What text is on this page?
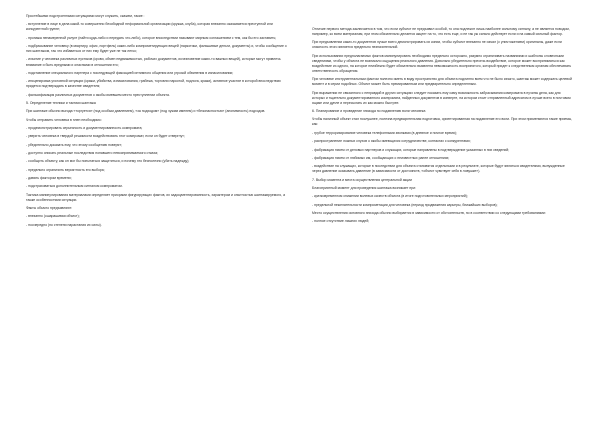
Простейшими подстроенными ситуациями могут служить, скажем, такие :

- вступление в лице в дела какой-то совершенно безобидной неформальной организации (кружка, клуба), которая внезапно оказывается преступной или конкурентной группе;

- пропажа ненамеренной услуге (найти куда-либо и передать что-либо), которое впоследствии называют мирным соглашением с тем, как бы его заставить;

- подбрасывание человеку (в квартиру, офис, портфель) каких-либо компрометирующих вещей (наркотики, фальшивые деньги, документы) и, чтобы сообщение о них шантажом, так что избавиться от них ему будет уже не так легко;

- изъятие у человека различных пустяков (крови, обмен недвижимостью, рабочих документов, исчезновение каких-то важных вещей), которые могут привлечь внимание и быть вредными и опасными в отношении его;

- подставление специального партнера с последующей фиксацией интимного общения или угрозой обвинения в изнасиловании;

- инсценировка уголовной ситуации (кражи, убийства, изнасилования, грабежа, торговли наркотой, подлога, кражи), активное участие в которой впоследствии придется подтверждать в качестве свидетеля;

- фальсификация различных документов о якобы имевшем место преступлении объекта.

5. Определение техники и тактики шантажа

При шантаже обычно выгода «торгуется» (под особым давлением), «за подходом» (под чужим именем) и «безопасностью» (анонимность) подходов.

Чтобы отправить человека в плен необходимо:

- продемонстрировать серьезность и документированность компромата;

- уверить человека в твердой решимости воздействовать этот компромат, если он будет отвергнут;

- убедительно доказать ему, что этому сообщению поверят;

- доступно описать реальные последствия попавшего невоспринимаемого откаха;

- сообщить объекту, как он мог бы попытаться защититься, и почему это бесполезно (убить надежду);

- предельно ограничить вероятность его выбора;

- давать фактором времени;

- подстраховаться дополнительным сигналом компроматом.

Тактика манипулирования материалами определяет приорами фигурирующих фактов, их задокументированность, характером и опытностью шантажируемого, а также особенностями ситуации.

Факты обычно предъявляют:

- внезапно (ошарашивая объект);

- поочередно (по степени нарастания их силы).

Отличие первого метода заключается в том, что если субъект не предъявил особой, то она подлежит лишь наиболее сильному сигналу, а не является поводом, например, ко всем материалам, при этом обязательно делается акцент на то, что есть еще, и не так уж сильно действует если и на самый сильный фактор.

При предъявлении каких-то документов лучше всего демонстрировать их копии, чтобы субъект внезапно не изъял (с уничтожением) оригиналы, даже если опасность этого является предельно незначительной.

При использовании предполагаемых фактов манипулировать необходимо предельно осторожно, разумно ограничивать названиями и шаблоны словесными сведениями, чтобы у объекта не возникало ощущения реального давления. Довольно убедительно пресечь воздействие, которое может восприниматься как воздействие из одного, на которое неизбежно будет обязательно выявлена невозможность воспринятого, который придет к следственным органам обеспечивать ответственность обращения.

При человеке инструментальным фактом полезно иметь в виду пространство для объекта подлинно всем что не было изъято, шантаж может содержать целевой момент и в серии подобных. Объект может быть премированным или предварительно определенным.

При выражении не связанного с неправдой в других ситуациях следует показать ему саму возможность забрасывания компромата в пучины дела, как для которых и тщательно документированного компромата, найденных документов в конверте, на котором стоит отправленный адресатом в лучше всего в почтовом ящике или дупле и пересылать их как можно быстрее.

6. Планирование и проведение эпизода по подавлению воли человека

Чтобы наличный объект стал послушнее, полезна предварительная подготовка, ориентированная на подавление его воли. При этом применяются такие приемы, как:

- грубое терроризирование человека телефонными звонками (в дневное и ночное время);

- распространение ложных слухов о якобы имеющихся сотрудничестве, контактах с конкурентами;

- фабрикация писем от деловых партнеров и служащих, которые направлены в подтверждение указанных в них сведений;

- фабрикация писем от любимых им, сообщающих о неизвестных ранее отношениях;

- воздействие на служащих, которые в последствии для объекта становятся отдельными и в результате, которые будут являться свидетелями, вынужденные через давление оказывать давление (в зависимости от достоинств, «объект чувствует себя в ловушке»).

7. Выбор момента и места осуществления центральной акции

Благоприятный момент для проведения шантажа возникает при:

- кратковременном снижении волевых качеств объекта (в итоге подготовительных мероприятий);

- предельной нежелательности компрометации для человека (период продвижения карьеры, ближайших выборов);

Место осуществления основного эпизода обычно выбирается в зависимости от обстоятельств, но в соответствии со следующими требованиями:

- полное отсутствие лишних людей;
